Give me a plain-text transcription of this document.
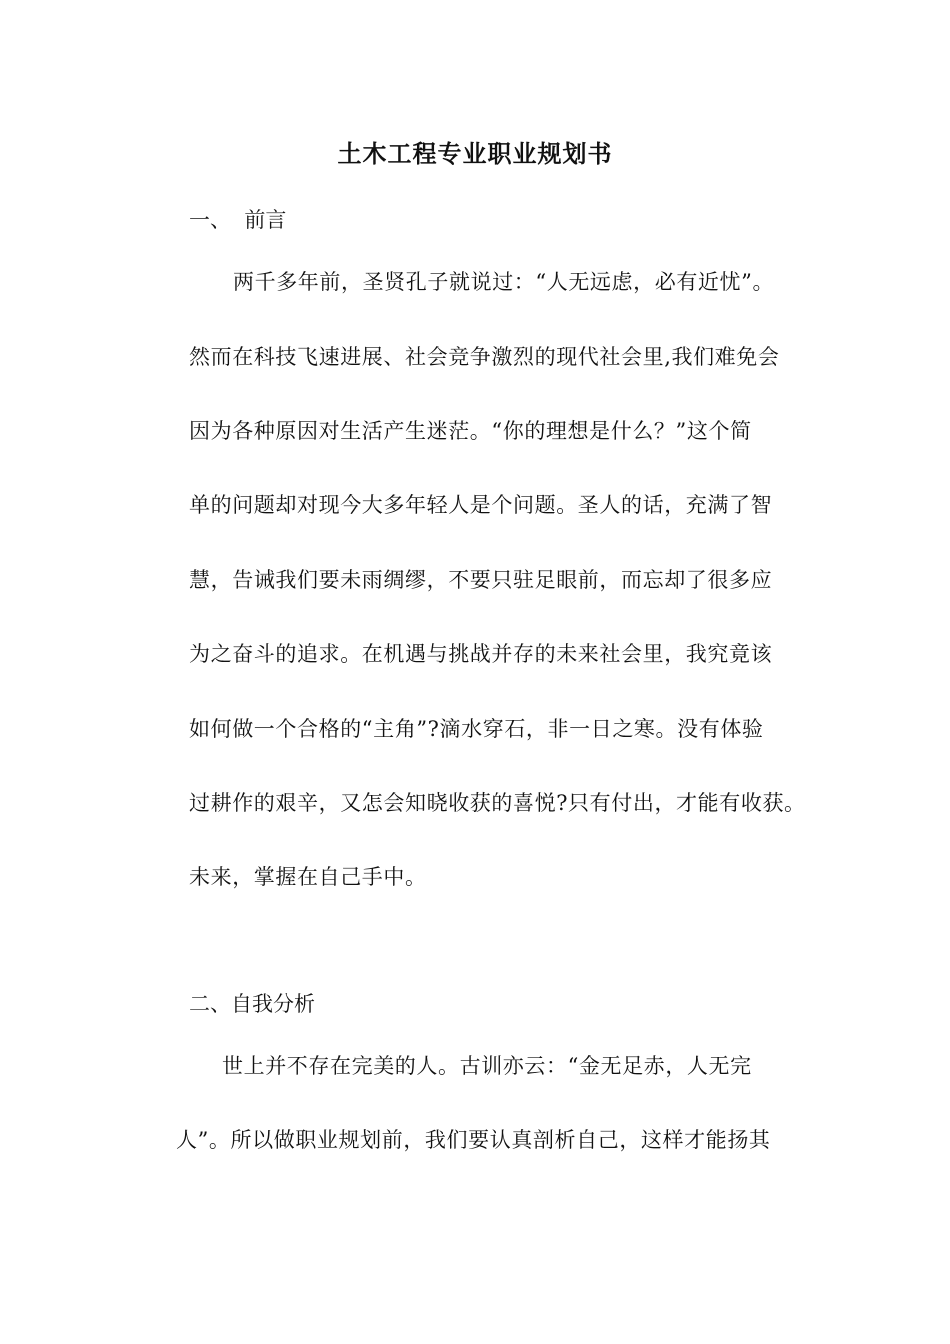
土木工程专业职业规划书
一、  前言
两千多年前，圣贤孔子就说过：“人无远虑，必有近忧”。
然而在科技飞速进展、社会竞争激烈的现代社会里,我们难免会
因为各种原因对生活产生迷茫。“你的理想是什么？”这个简
单的问题却对现今大多年轻人是个问题。圣人的话，充满了智
慧，告诫我们要未雨绸缪，不要只驻足眼前，而忘却了很多应
为之奋斗的追求。在机遇与挑战并存的未来社会里，我究竟该
如何做一个合格的“主角”?滴水穿石，非一日之寒。没有体验
过耕作的艰辛，又怎会知晓收获的喜悦?只有付出，才能有收获。
未来，掌握在自己手中。
二、自我分析
世上并不存在完美的人。古训亦云：“金无足赤，人无完
人”。所以做职业规划前，我们要认真剖析自己，这样才能扬其
